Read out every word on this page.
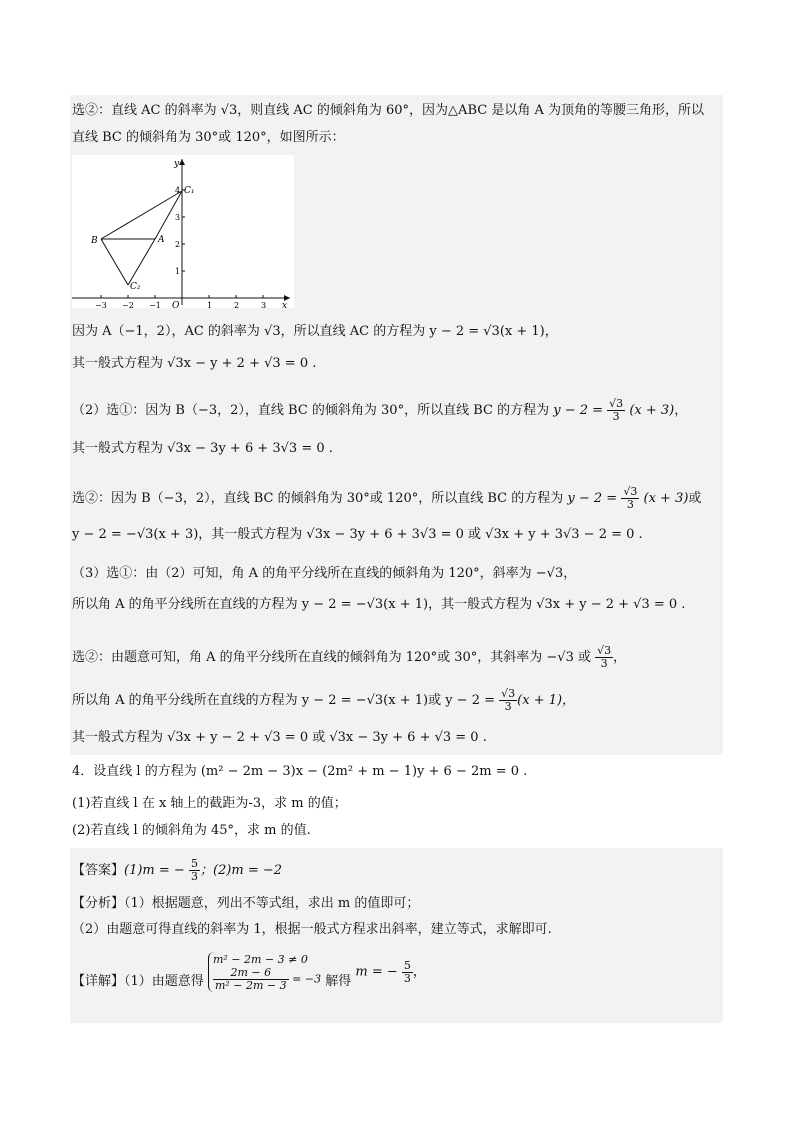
选②：直线 AC 的斜率为 √3，则直线 AC 的倾斜角为 60°，因为△ABC 是以角 A 为顶角的等腰三角形，所以
直线 BC 的倾斜角为 30°或 120°，如图所示：
x
y
O
B	A
C₁
C₂
−3 −2 −1	1	2	3
4
3
2
1
因为 A（−1，2），AC 的斜率为 √3，所以直线 AC 的方程为 y − 2 = √3(x + 1)，
其一般式方程为 √3x − y + 2 + √3 = 0 .
（2）选①：因为 B（−3，2），直线 BC 的倾斜角为 30°，所以直线 BC 的方程为 $y - 2 = \frac{√3}{3} (x + 3)$，
其一般式方程为 √3x − 3y + 6 + 3√3 = 0 .
选②：因为 B（−3，2），直线 BC 的倾斜角为 30°或 120°，所以直线 BC 的方程为 $y - 2 = \frac{√3}{3} (x + 3)$或
y − 2 = −√3(x + 3)，其一般式方程为 √3x − 3y + 6 + 3√3 = 0 或 √3x + y + 3√3 − 2 = 0 .
（3）选①：由（2）可知，角 A 的角平分线所在直线的倾斜角为 120°，斜率为 −√3，
所以角 A 的角平分线所在直线的方程为 y − 2 = −√3(x + 1)，其一般式方程为 √3x + y − 2 + √3 = 0 .
选②：由题意可知，角 A 的角平分线所在直线的倾斜角为 120°或 30°，其斜率为 −√3 或 $\frac{√3}{3}$ ，
所以角 A 的角平分线所在直线的方程为 y − 2 = −√3(x + 1)或 $y - 2 = \frac{√3}{3} (x + 1)$，
其一般式方程为 √3x + y − 2 + √3 = 0 或 √3x − 3y + 6 + √3 = 0 .
4．设直线 l 的方程为 (m² − 2m − 3)x − (2m² + m − 1)y + 6 − 2m = 0 .
(1)若直线 l 在 x 轴上的截距为-3，求 m 的值；
(2)若直线 l 的倾斜角为 45°，求 m 的值.
【答案】(1)m = − $\frac{5}{3}$ ；(2)m = −2
【分析】（1）根据题意，列出不等式组，求出 m 的值即可；
（2）由题意可得直线的斜率为 1，根据一般式方程求出斜率，建立等式，求解即可.
【详解】（1）由题意得
m² − 2m − 3 ≠ 0
$\frac{2m - 6}{\text{m² − 2m − 3}} = -3$ 解得 m = − $\frac{5}{3}$ ，
